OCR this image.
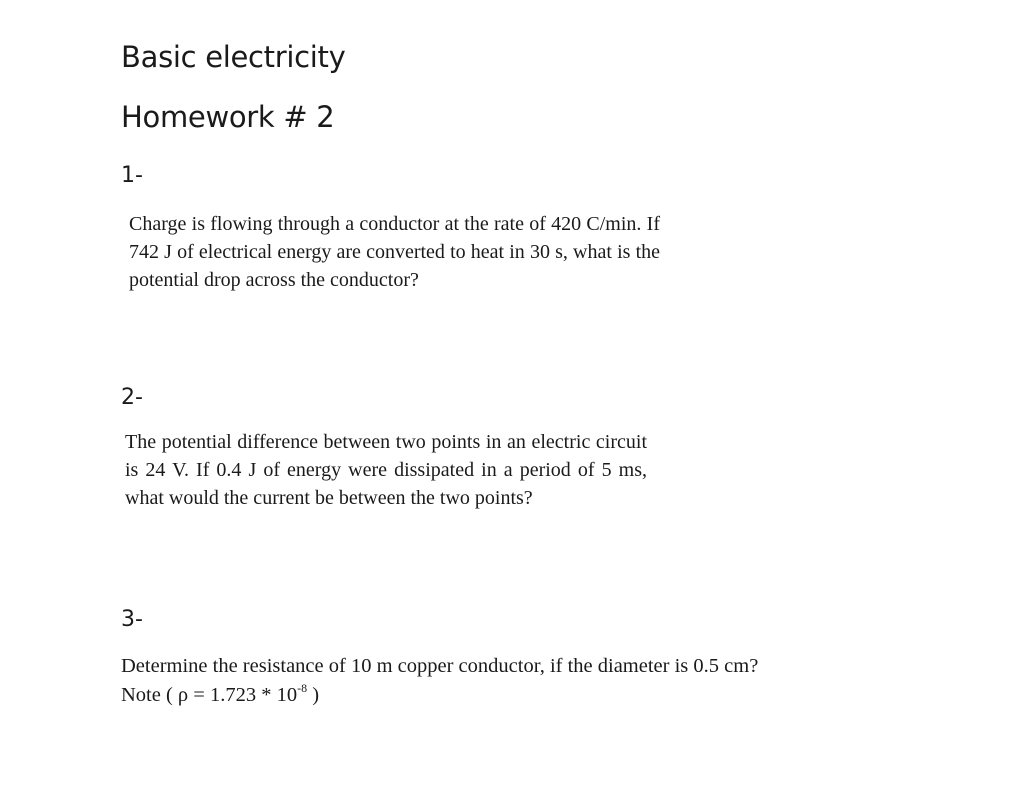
Basic electricity
Homework # 2
1-
Charge is flowing through a conductor at the rate of 420 C/min. If 742 J of electrical energy are converted to heat in 30 s, what is the potential drop across the conductor?
2-
The potential difference between two points in an electric circuit is 24 V. If 0.4 J of energy were dissipated in a period of 5 ms, what would the current be between the two points?
3-
Determine the resistance of 10 m copper conductor, if the diameter is 0.5 cm?
Note ( $\rho = 1.723 * 10^{-8}$ )
